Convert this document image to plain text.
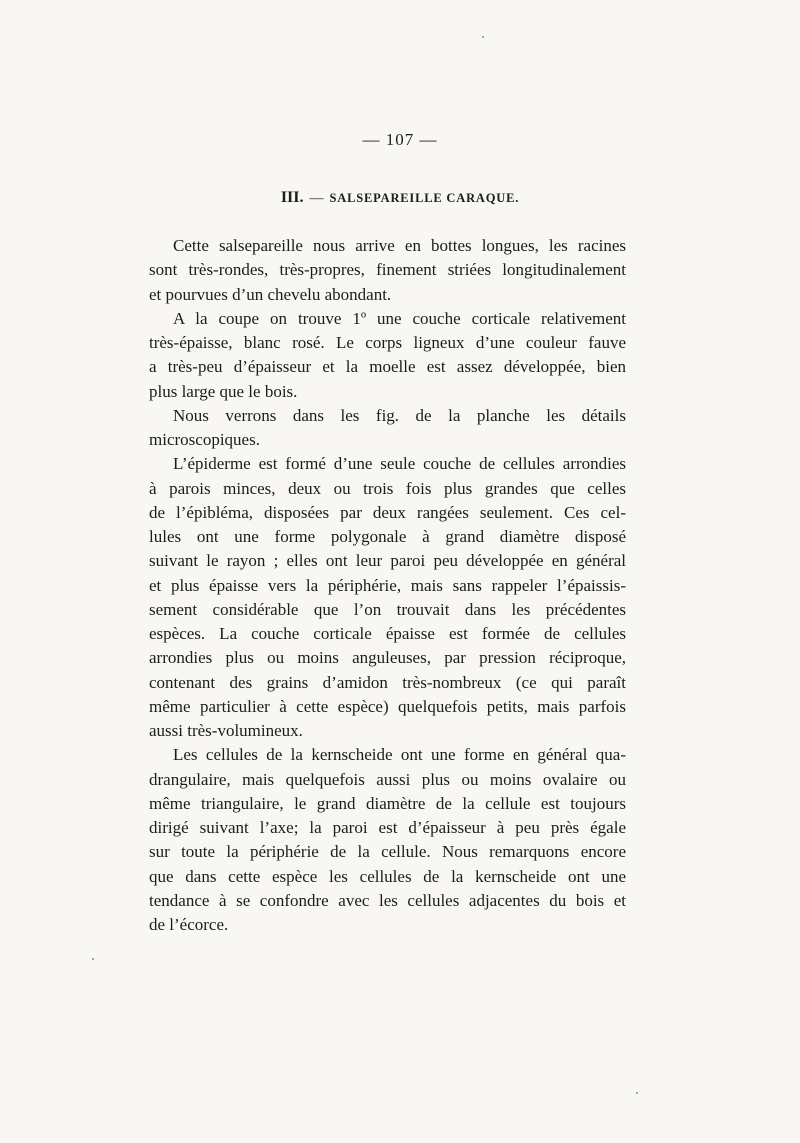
— 107 —
III. — SALSEPAREILLE CARAQUE.
Cette salsepareille nous arrive en bottes longues, les racines
sont très-rondes, très-propres, finement striées longitudinalement
et pourvues d’un chevelu abondant.
A la coupe on trouve 1º une couche corticale relativement
très-épaisse, blanc rosé. Le corps ligneux d’une couleur fauve
a très-peu d’épaisseur et la moelle est assez développée, bien
plus large que le bois.
Nous verrons dans les fig. de la planche les détails
microscopiques.
L’épiderme est formé d’une seule couche de cellules arrondies
à parois minces, deux ou trois fois plus grandes que celles
de l’épibléma, disposées par deux rangées seulement. Ces cel-
lules ont une forme polygonale à grand diamètre disposé
suivant le rayon ; elles ont leur paroi peu développée en général
et plus épaisse vers la périphérie, mais sans rappeler l’épaissis-
sement considérable que l’on trouvait dans les précédentes
espèces. La couche corticale épaisse est formée de cellules
arrondies plus ou moins anguleuses, par pression réciproque,
contenant des grains d’amidon très-nombreux (ce qui paraît
même particulier à cette espèce) quelquefois petits, mais parfois
aussi très-volumineux.
Les cellules de la kernscheide ont une forme en général qua-
drangulaire, mais quelquefois aussi plus ou moins ovalaire ou
même triangulaire, le grand diamètre de la cellule est toujours
dirigé suivant l’axe; la paroi est d’épaisseur à peu près égale
sur toute la périphérie de la cellule. Nous remarquons encore
que dans cette espèce les cellules de la kernscheide ont une
tendance à se confondre avec les cellules adjacentes du bois et
de l’écorce.
